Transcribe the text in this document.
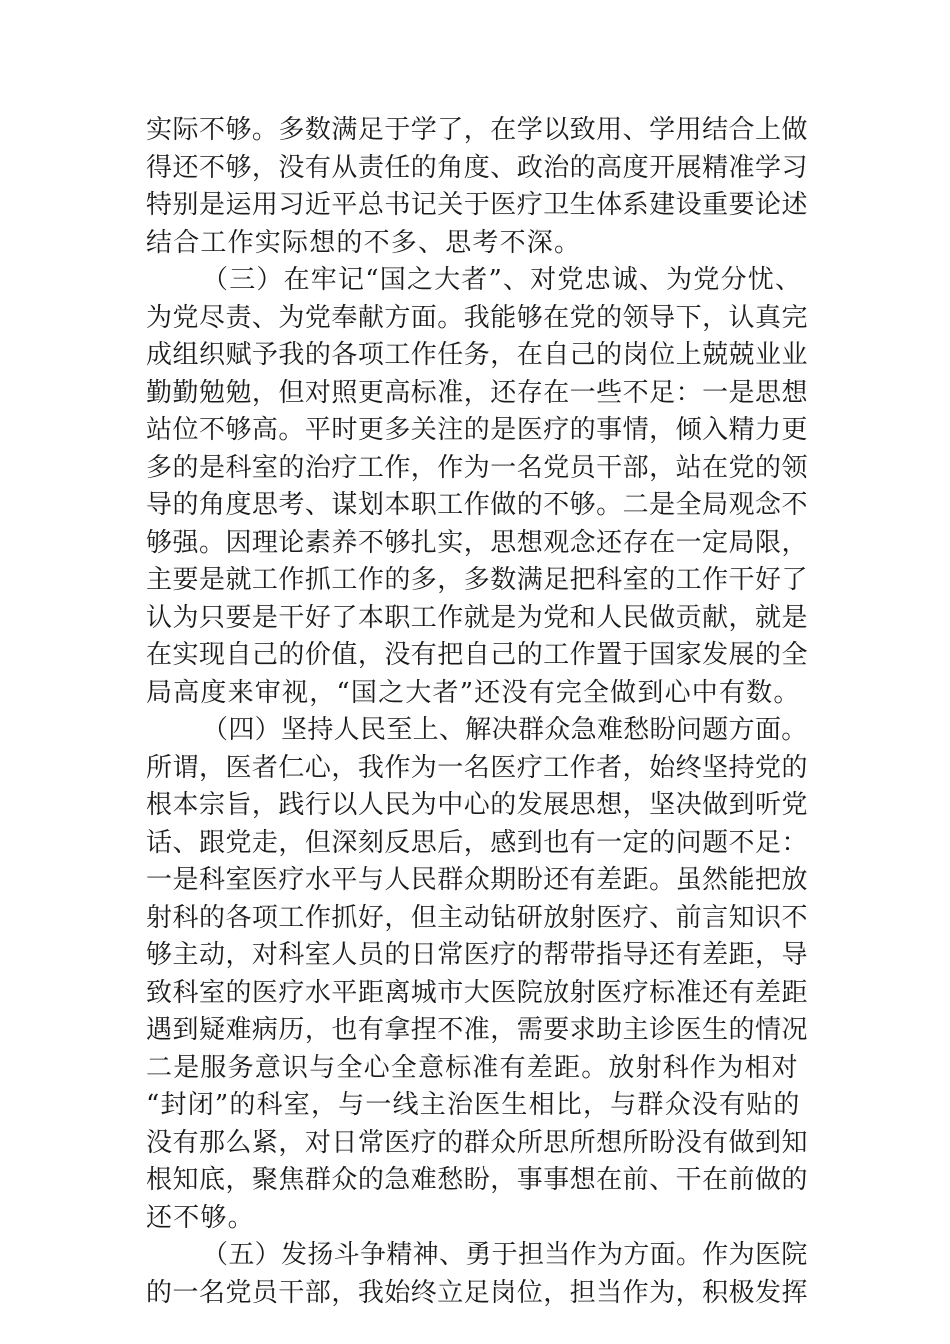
实际不够。多数满足于学了，在学以致用、学用结合上做
得还不够，没有从责任的角度、政治的高度开展精准学习
特别是运用习近平总书记关于医疗卫生体系建设重要论述
结合工作实际想的不多、思考不深。
（三）在牢记“国之大者”、对党忠诚、为党分忧、
为党尽责、为党奉献方面。我能够在党的领导下，认真完
成组织赋予我的各项工作任务，在自己的岗位上兢兢业业
勤勤勉勉，但对照更高标准，还存在一些不足：一是思想
站位不够高。平时更多关注的是医疗的事情，倾入精力更
多的是科室的治疗工作，作为一名党员干部，站在党的领
导的角度思考、谋划本职工作做的不够。二是全局观念不
够强。因理论素养不够扎实，思想观念还存在一定局限，
主要是就工作抓工作的多，多数满足把科室的工作干好了
认为只要是干好了本职工作就是为党和人民做贡献，就是
在实现自己的价值，没有把自己的工作置于国家发展的全
局高度来审视，“国之大者”还没有完全做到心中有数。
（四）坚持人民至上、解决群众急难愁盼问题方面。
所谓，医者仁心，我作为一名医疗工作者，始终坚持党的
根本宗旨，践行以人民为中心的发展思想，坚决做到听党
话、跟党走，但深刻反思后，感到也有一定的问题不足：
一是科室医疗水平与人民群众期盼还有差距。虽然能把放
射科的各项工作抓好，但主动钻研放射医疗、前言知识不
够主动，对科室人员的日常医疗的帮带指导还有差距，导
致科室的医疗水平距离城市大医院放射医疗标准还有差距
遇到疑难病历，也有拿捏不准，需要求助主诊医生的情况
二是服务意识与全心全意标准有差距。放射科作为相对
“封闭”的科室，与一线主治医生相比，与群众没有贴的
没有那么紧，对日常医疗的群众所思所想所盼没有做到知
根知底，聚焦群众的急难愁盼，事事想在前、干在前做的
还不够。
（五）发扬斗争精神、勇于担当作为方面。作为医院
的一名党员干部，我始终立足岗位，担当作为，积极发挥
